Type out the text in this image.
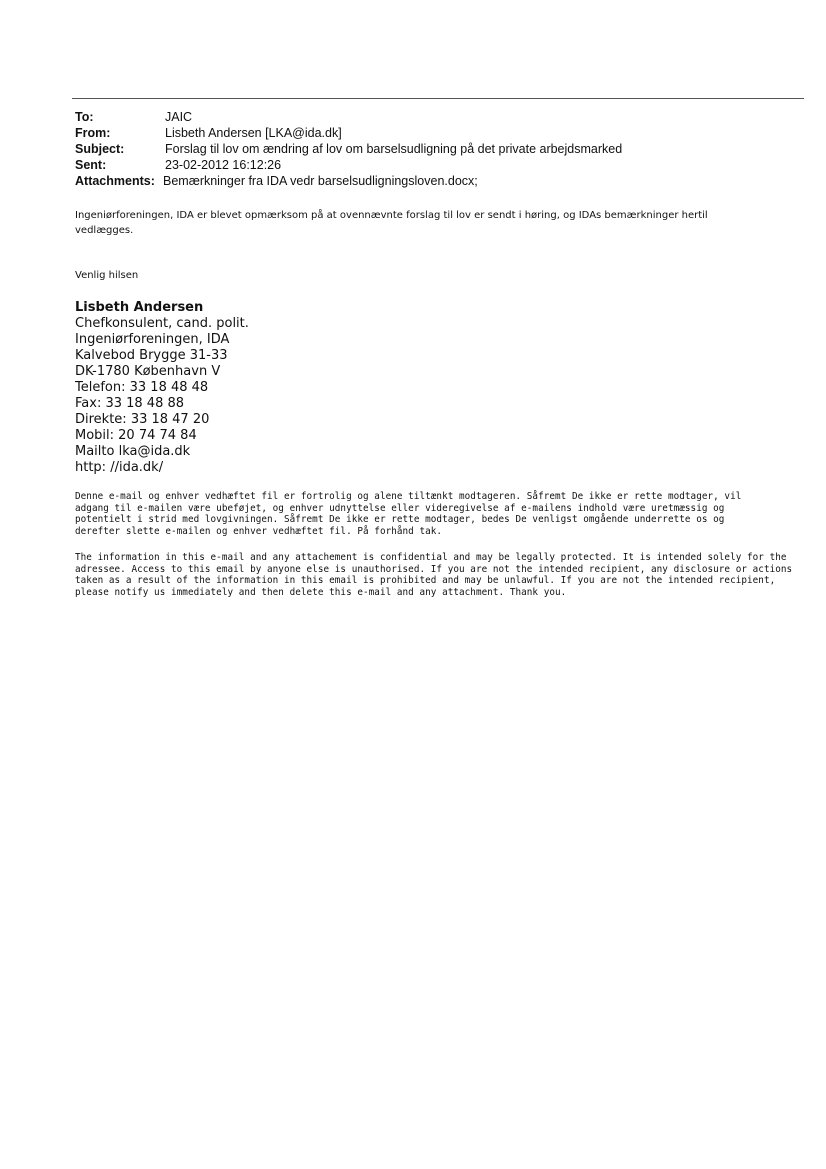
To:	JAIC
From:	Lisbeth Andersen [LKA@ida.dk]
Subject:	Forslag til lov om ændring af lov om barselsudligning på det private arbejdsmarked
Sent:	23-02-2012 16:12:26
Attachments: Bemærkninger fra IDA vedr barselsudligningsloven.docx;
Ingeniørforeningen, IDA er blevet opmærksom på at ovennævnte forslag til lov er sendt i høring, og IDAs bemærkninger hertil
vedlægges.
Venlig hilsen
Lisbeth Andersen
Chefkonsulent, cand. polit.
Ingeniørforeningen, IDA
Kalvebod Brygge 31-33
DK-1780 København V
Telefon: 33 18 48 48
Fax: 33 18 48 88
Direkte: 33 18 47 20
Mobil: 20 74 74 84
Mailto lka@ida.dk
http: //ida.dk/

Denne e-mail og enhver vedhæftet fil er fortrolig og alene tiltænkt modtageren. Såfremt De ikke er rette modtager, vil

adgang til e-mailen være ubeføjet, og enhver udnyttelse eller videregivelse af e-mailens indhold være uretmæssig og

potentielt i strid med lovgivningen. Såfremt De ikke er rette modtager, bedes De venligst omgående underrette os og

derefter slette e-mailen og enhver vedhæftet fil. På forhånd tak.

The information in this e-mail and any attachement is confidential and may be legally protected. It is intended solely for the

adressee. Access to this email by anyone else is unauthorised. If you are not the intended recipient, any disclosure or actions

taken as a result of the information in this email is prohibited and may be unlawful. If you are not the intended recipient,

please notify us immediately and then delete this e-mail and any attachment. Thank you.
